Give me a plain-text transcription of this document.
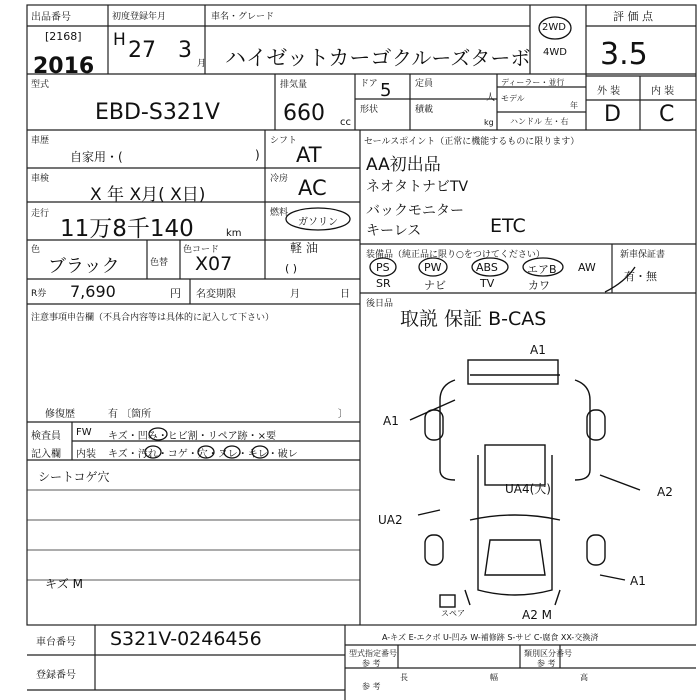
出品番号
[2168]
2016
初度登録年月
H 27 3
月
車名・グレード
ハイゼットカーゴ クルーズターボ
2WD
4WD
評 価 点
3.5
外 装	内 装
D C
型式
EBD-S321V
排気量
660 cc
ドア 5
形状
定員
人
積載
kg
ディーラー・並行
モデル
年
ハンドル 左・右
車歴
自家用・(	)
シフト
AT
車検
X 年 X月( X日)
冷房 AC
走行
11万8千140	km
燃料
ガソリン
軽 油
( )
色
ブラック	色替
色コード
X07
R券 7,690	円 名変期限	月	日
セールスポイント（正常に機能するものに限ります）
AA初出品
ネオタトナビTV
バックモニター
キーレス	ETC
装備品（純正品に限り○をつけてください）	新車保証書
有・無
PS	PW	ABS	エアB AW
SR	ナビ	TV	カワ
後日品
取説 保証 B-CAS
注意事項申告欄（不具合内容等は具体的に記入して下さい）
修復歴	有 〔箇所	〕
検査員
記入欄
FW キズ・凹み・ヒビ割・リペア跡・×要
内装 キズ・汚れ・コゲ・穴・ヌレ・キレ・破レ
シートコゲ穴
キズ M
A1
A1
A2
UA4(大)
UA2
A1
A2 M
スペア
A-キズ E-エクボ U-凹み W-補修跡 S-サビ C-腐食 XX-交換済
車台番号 S321V-0246456
登録番号
型式指定番号
参 考
類別区分番号
参 考
参 考
長	幅	高
